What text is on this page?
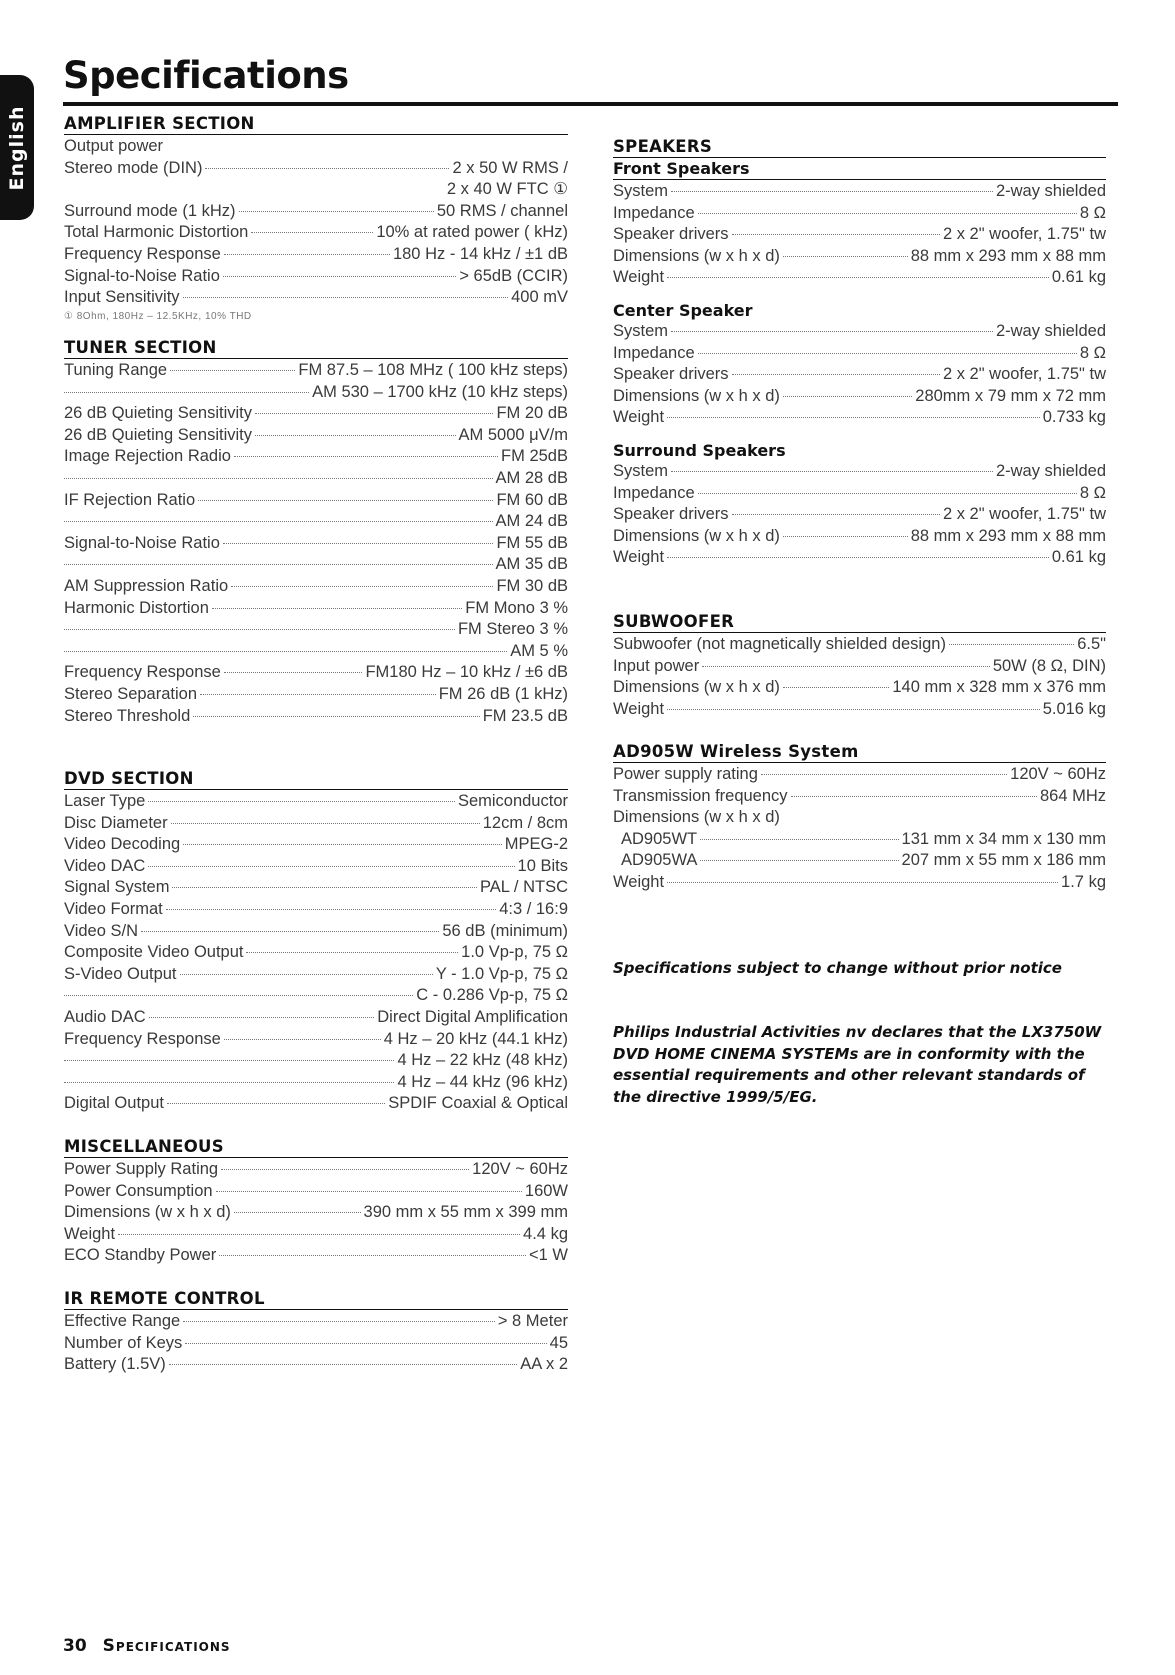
English
Specifications
AMPLIFIER SECTION
Output power
Stereo mode (DIN)	2 x 50 W RMS /
2 x 40 W FTC ①
Surround mode (1 kHz)	50 RMS / channel
Total Harmonic Distortion	10% at rated power ( kHz)
Frequency Response	180 Hz - 14 kHz / ±1 dB
Signal-to-Noise Ratio	> 65dB (CCIR)
Input Sensitivity	400 mV
① 8Ohm, 180Hz – 12.5KHz, 10% THD
TUNER SECTION
Tuning Range	FM 87.5 – 108 MHz ( 100 kHz steps)
AM 530 – 1700 kHz (10 kHz steps)
26 dB Quieting Sensitivity	FM 20 dB
26 dB Quieting Sensitivity	AM 5000 μV/m
Image Rejection Radio	FM 25dB
AM 28 dB
IF Rejection Ratio	FM 60 dB
AM 24 dB
Signal-to-Noise Ratio	FM 55 dB
AM 35 dB
AM Suppression Ratio	FM 30 dB
Harmonic Distortion	FM Mono 3 %
FM Stereo 3 %
AM 5 %
Frequency Response	FM180 Hz – 10 kHz / ±6 dB
Stereo Separation	FM 26 dB (1 kHz)
Stereo Threshold	FM 23.5 dB
DVD SECTION
Laser Type	Semiconductor
Disc Diameter	12cm / 8cm
Video Decoding	MPEG-2
Video DAC	10 Bits
Signal System	PAL / NTSC
Video Format	4:3 / 16:9
Video S/N	56 dB (minimum)
Composite Video Output	1.0 Vp-p, 75 Ω
S-Video Output	Y - 1.0 Vp-p, 75 Ω
C - 0.286 Vp-p, 75 Ω
Audio DAC	Direct Digital Amplification
Frequency Response	4 Hz – 20 kHz (44.1 kHz)
4 Hz – 22 kHz (48 kHz)
4 Hz – 44 kHz (96 kHz)
Digital Output	SPDIF Coaxial & Optical
MISCELLANEOUS
Power Supply Rating	120V ~ 60Hz
Power Consumption	160W
Dimensions (w x h x d)	390 mm x 55 mm x 399 mm
Weight	4.4 kg
ECO Standby Power	<1 W
IR REMOTE CONTROL
Effective Range	> 8 Meter
Number of Keys	45
Battery (1.5V)	AA x 2
SPEAKERS
Front Speakers
System	2-way shielded
Impedance	8 Ω
Speaker drivers	2 x 2" woofer, 1.75" tw
Dimensions (w x h x d)	88 mm x 293 mm x 88 mm
Weight	0.61 kg
Center Speaker
System	2-way shielded
Impedance	8 Ω
Speaker drivers	2 x 2" woofer, 1.75" tw
Dimensions (w x h x d)	280mm x 79 mm x 72 mm
Weight	0.733 kg
Surround Speakers
System	2-way shielded
Impedance	8 Ω
Speaker drivers	2 x 2" woofer, 1.75" tw
Dimensions (w x h x d)	88 mm x 293 mm x 88 mm
Weight	0.61 kg
SUBWOOFER
Subwoofer (not magnetically shielded design)	6.5"
Input power	50W (8 Ω, DIN)
Dimensions (w x h x d)	140 mm x 328 mm x 376 mm
Weight	5.016 kg
AD905W Wireless System
Power supply rating	120V ~ 60Hz
Transmission frequency	864 MHz
Dimensions (w x h x d)
AD905WT	131 mm x 34 mm x 130 mm
AD905WA	207 mm x 55 mm x 186 mm
Weight	1.7 kg

Specifications subject to change without prior notice

Philips Industrial Activities nv declares that the LX3750W DVD HOME CINEMA SYSTEMs are in conformity with the essential requirements and other relevant standards of the directive 1999/5/EG.

30 Specifications
